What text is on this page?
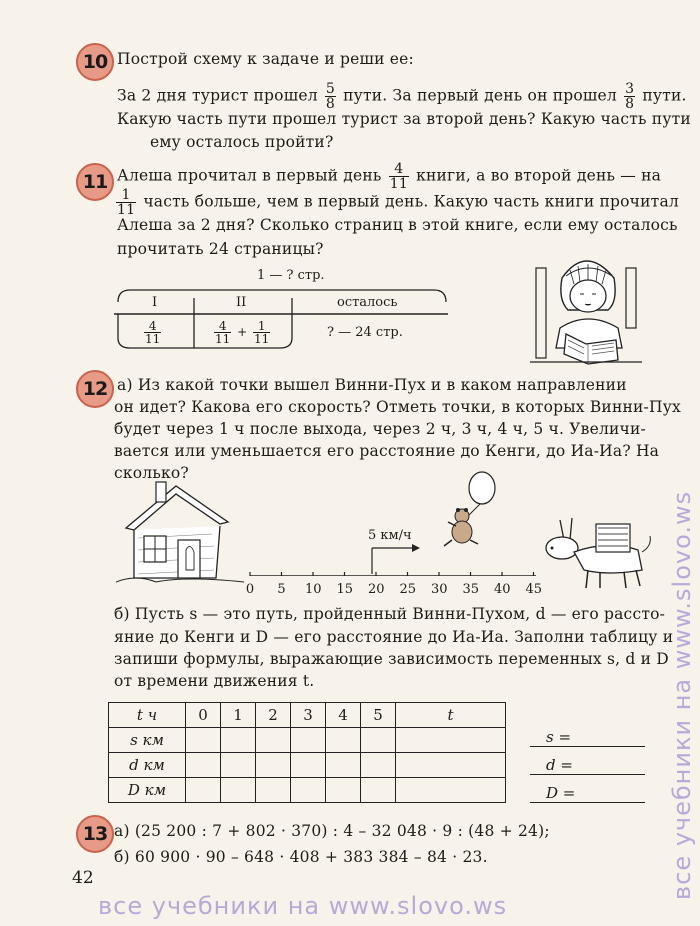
10 Построй схему к задаче и реши ее:
За 2 дня турист прошел $\frac{5}{8}$ пути. За первый день он прошел $\frac{3}{8}$ пути.
Какую часть пути прошел турист за второй день? Какую часть пути
ему осталось пройти?
11 Алеша прочитал в первый день $\frac{4}{11}$ книги, а во второй день — на
$\frac{1}{11}$ часть больше, чем в первый день. Какую часть книги прочитал
Алеша за 2 дня? Сколько страниц в этой книге, если ему осталось
прочитать 24 страницы?
1 — ? стр.
I	II	осталось
$\frac{4}{11}$	$\frac{4}{11} + \frac{1}{11}$	? — 24 стр.
12 а) Из какой точки вышел Винни-Пух и в каком направлении
он идет? Какова его скорость? Отметь точки, в которых Винни-Пух
будет через 1 ч после выхода, через 2 ч, 3 ч, 4 ч, 5 ч. Увеличи-
вается или уменьшается его расстояние до Кенги, до Иа-Иа? На
сколько?
5 км/ч
0 5 10 15 20 25 30 35 40 45
б) Пусть s — это путь, пройденный Винни-Пухом, d — его рассто-
яние до Кенги и D — его расстояние до Иа-Иа. Заполни таблицу и
запиши формулы, выражающие зависимость переменных s, d и D
от времени движения t.
t ч	0	1	2	3	4	5	t
s км							
d км							
D км							
s =
d =
D =
13 а) (25 200 : 7 + 802 · 370) : 4 – 32 048 · 9 : (48 + 24);
б) 60 900 · 90 – 648 · 408 + 383 384 – 84 · 23.
42	все учебники на www.slovo.ws
все учебники на www.slovo.ws
